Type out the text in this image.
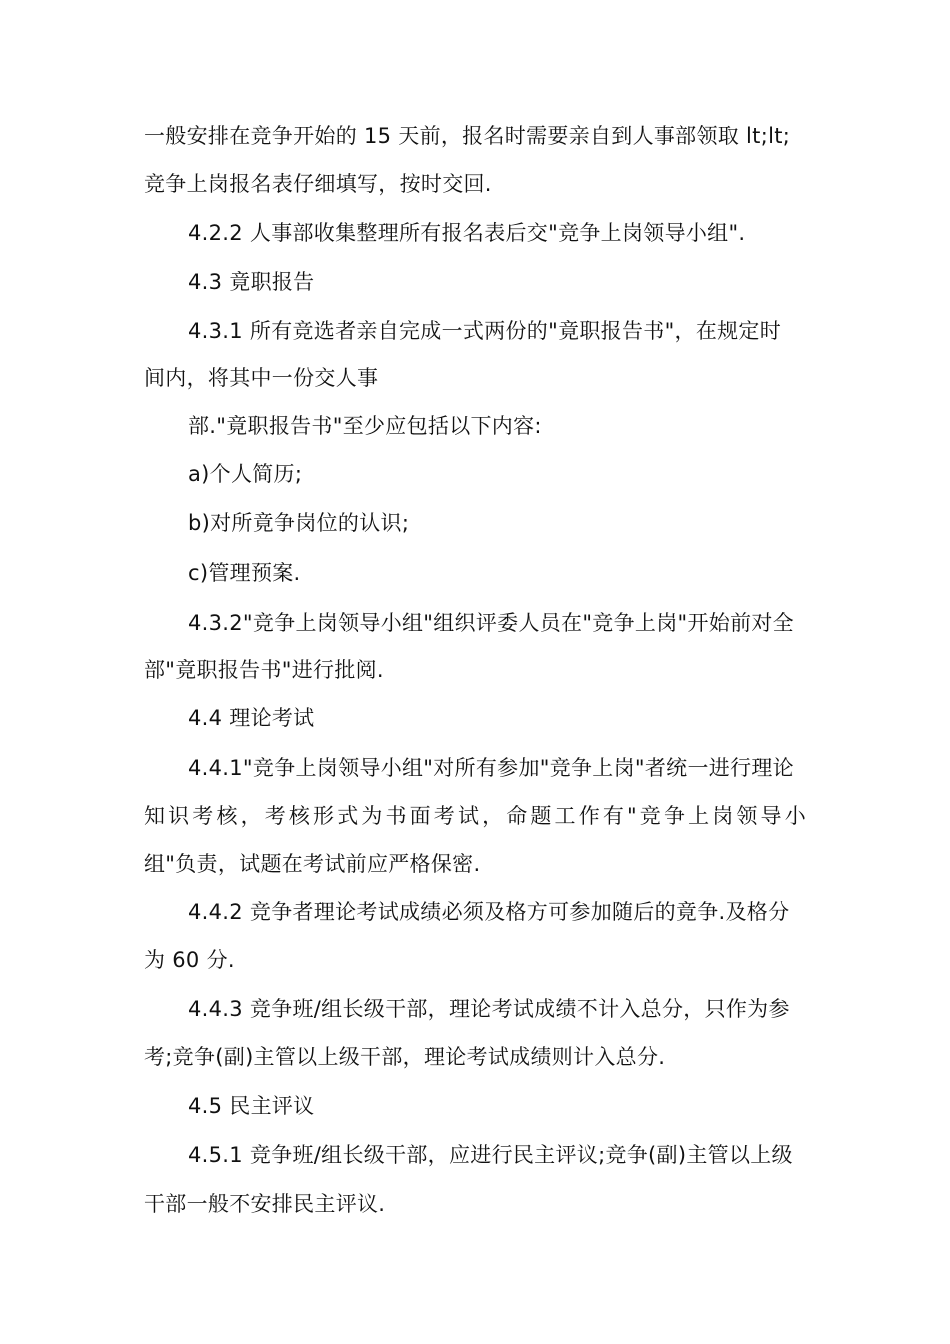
一般安排在竞争开始的 15 天前，报名时需要亲自到人事部领取 lt;lt;
竞争上岗报名表仔细填写，按时交回.
4.2.2 人事部收集整理所有报名表后交"竞争上岗领导小组".
4.3 竟职报告
4.3.1 所有竞选者亲自完成一式两份的"竟职报告书"，在规定时
间内，将其中一份交人事
部."竟职报告书"至少应包括以下内容:
a)个人简历;
b)对所竟争岗位的认识;
c)管理预案.
4.3.2"竞争上岗领导小组"组织评委人员在"竞争上岗"开始前对全
部"竟职报告书"进行批阅.
4.4 理论考试
4.4.1"竞争上岗领导小组"对所有参加"竞争上岗"者统一进行理论
知识考核，考核形式为书面考试，命题工作有"竞争上岗领导小
组"负责，试题在考试前应严格保密.
4.4.2 竞争者理论考试成绩必须及格方可参加随后的竟争.及格分
为 60 分.
4.4.3 竞争班/组长级干部，理论考试成绩不计入总分，只作为参
考;竞争(副)主管以上级干部，理论考试成绩则计入总分.
4.5 民主评议
4.5.1 竞争班/组长级干部，应进行民主评议;竞争(副)主管以上级
干部一般不安排民主评议.
